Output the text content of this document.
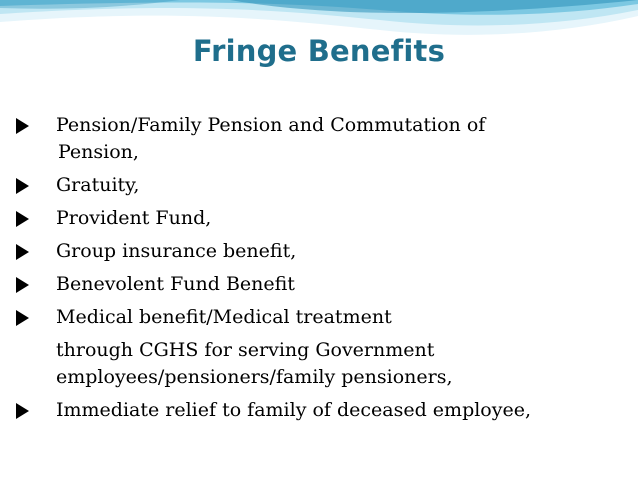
Fringe Benefits
Pension/Family Pension and Commutation of
Pension,
Gratuity,
Provident Fund,
Group insurance benefit,
Benevolent Fund Benefit
Medical benefit/Medical treatment
through CGHS for serving Government
employees/pensioners/family pensioners,
Immediate relief to family of deceased employee,
